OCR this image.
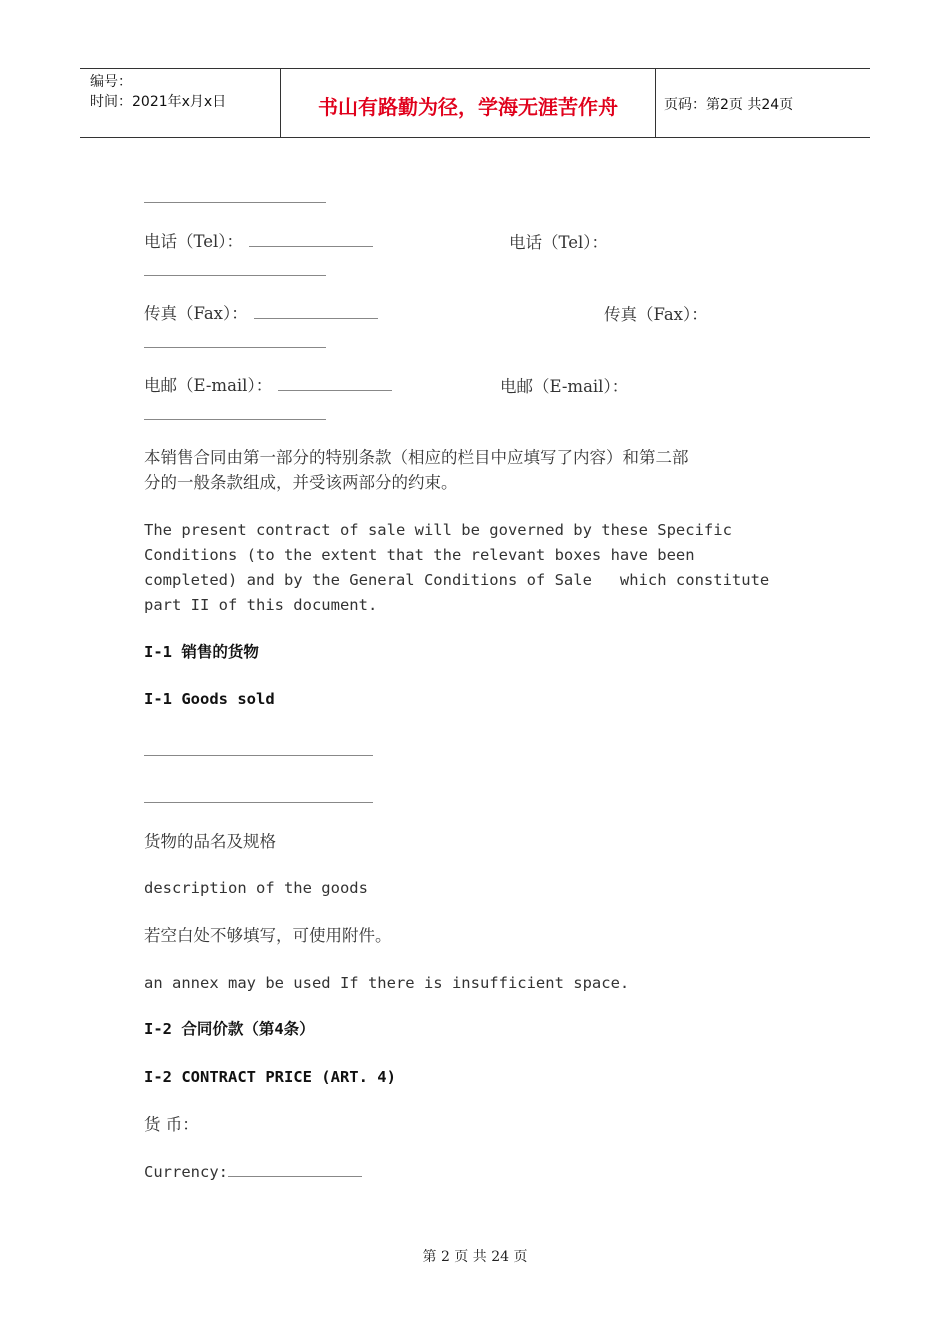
编号：
时间：2021年x月x日	书山有路勤为径，学海无涯苦作舟	页码：第2页 共24页
电话（Tel）：	电话（Tel）：
传真（Fax）：	传真（Fax）：
电邮（E-mail）：	电邮（E-mail）：
本销售合同由第一部分的特别条款（相应的栏目中应填写了内容）和第二部
分的一般条款组成，并受该两部分的约束。
The present contract of sale will be governed by these Specific
Conditions (to the extent that the relevant boxes have been
completed) and by the General Conditions of Sale   which constitute
part II of this document.
I-1 销售的货物
I-1 Goods sold
货物的品名及规格
description of the goods
若空白处不够填写，可使用附件。
an annex may be used If there is insufficient space.
I-2 合同价款（第4条）
I-2 CONTRACT PRICE (ART. 4)
货 币：
Currency:
第 2 页 共 24 页
